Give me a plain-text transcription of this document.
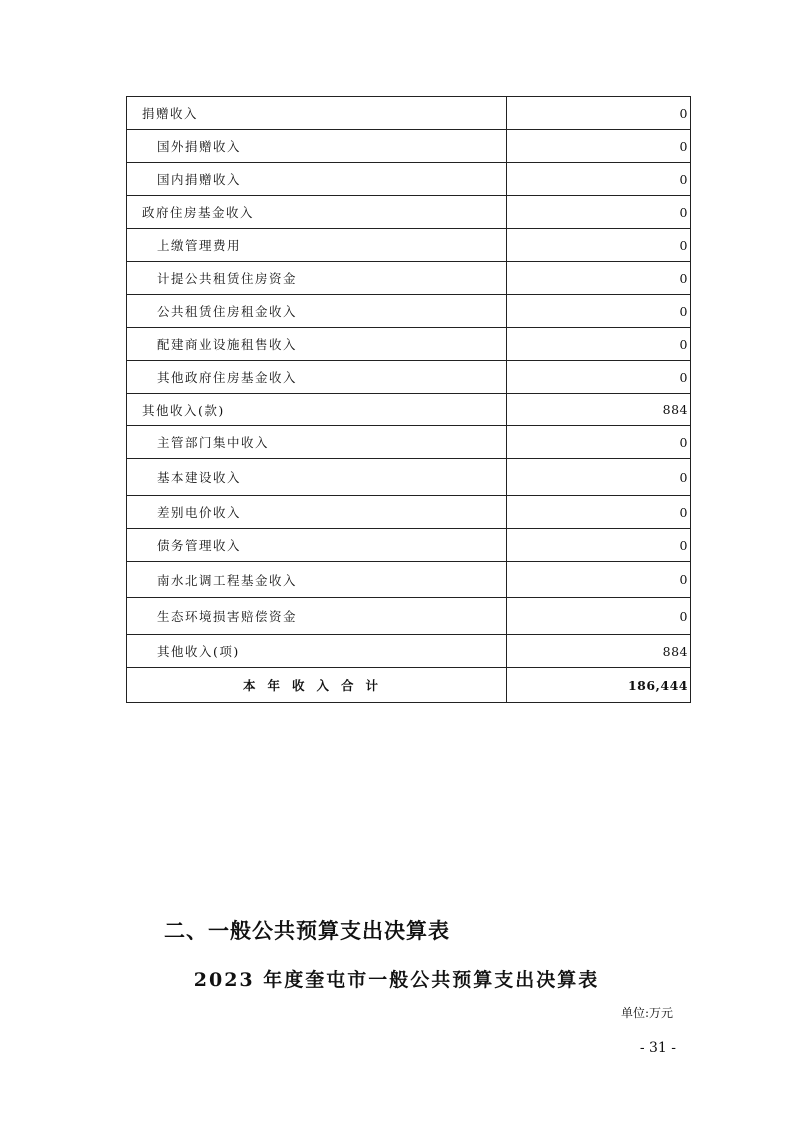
捐赠收入	0
国外捐赠收入	0
国内捐赠收入	0
政府住房基金收入	0
上缴管理费用	0
计提公共租赁住房资金	0
公共租赁住房租金收入	0
配建商业设施租售收入	0
其他政府住房基金收入	0
其他收入(款)	884
主管部门集中收入	0
基本建设收入	0
差别电价收入	0
债务管理收入	0
南水北调工程基金收入	0
生态环境损害赔偿资金	0
其他收入(项)	884
本年收入合计	186,444
二、一般公共预算支出决算表
2023 年度奎屯市一般公共预算支出决算表
单位:万元
- 31 -
